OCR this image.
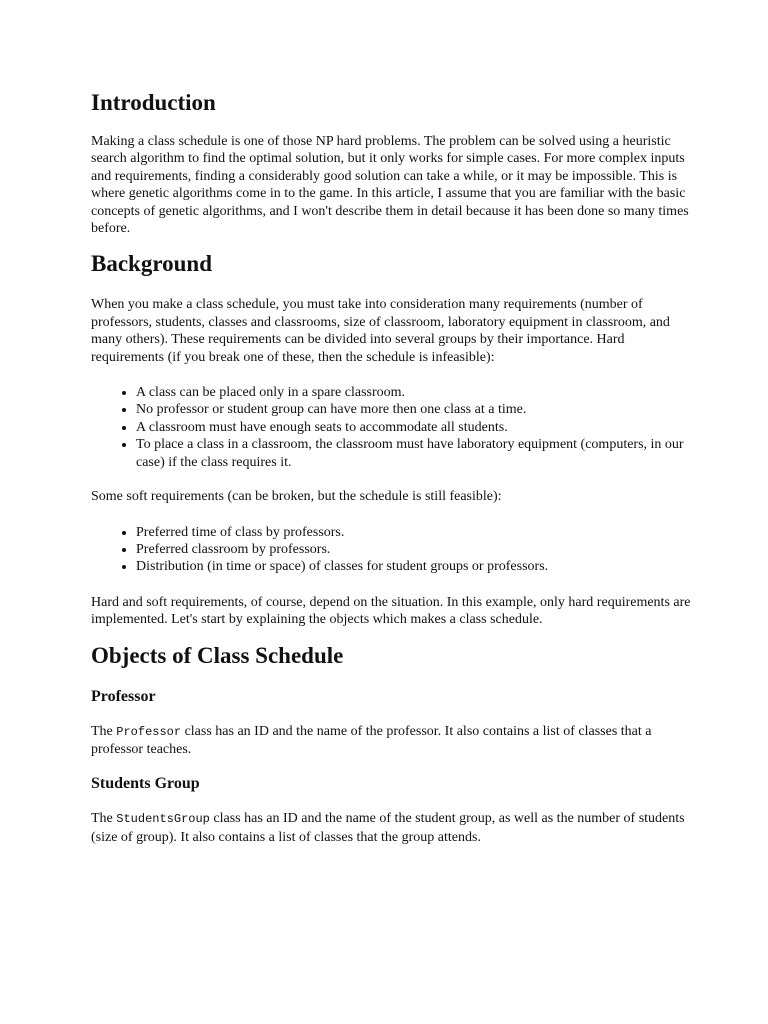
Introduction

Making a class schedule is one of those NP hard problems. The problem can be solved using a heuristic search algorithm to find the optimal solution, but it only works for simple cases. For more complex inputs and requirements, finding a considerably good solution can take a while, or it may be impossible. This is where genetic algorithms come in to the game. In this article, I assume that you are familiar with the basic concepts of genetic algorithms, and I won't describe them in detail because it has been done so many times before.

Background

When you make a class schedule, you must take into consideration many requirements (number of professors, students, classes and classrooms, size of classroom, laboratory equipment in classroom, and many others). These requirements can be divided into several groups by their importance. Hard requirements (if you break one of these, then the schedule is infeasible):

• A class can be placed only in a spare classroom.
• No professor or student group can have more then one class at a time.
• A classroom must have enough seats to accommodate all students.
• To place a class in a classroom, the classroom must have laboratory equipment (computers, in our case) if the class requires it.

Some soft requirements (can be broken, but the schedule is still feasible):

• Preferred time of class by professors.
• Preferred classroom by professors.
• Distribution (in time or space) of classes for student groups or professors.

Hard and soft requirements, of course, depend on the situation. In this example, only hard requirements are implemented. Let's start by explaining the objects which makes a class schedule.

Objects of Class Schedule
Professor

The Professor class has an ID and the name of the professor. It also contains a list of classes that a professor teaches.

Students Group

The StudentsGroup class has an ID and the name of the student group, as well as the number of students (size of group). It also contains a list of classes that the group attends.
